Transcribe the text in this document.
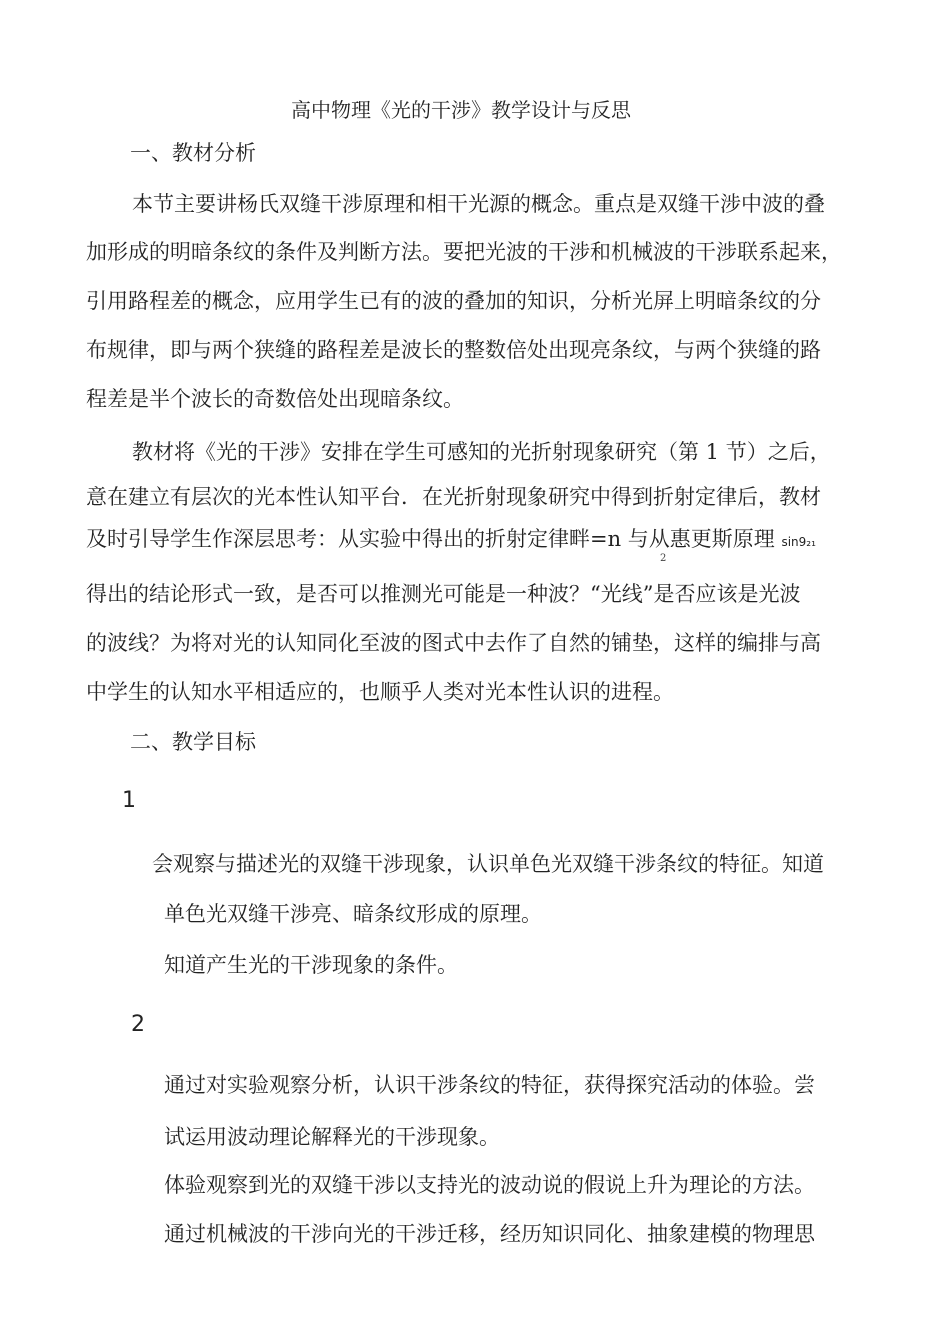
高中物理《光的干涉》教学设计与反思
一、教材分析
本节主要讲杨氏双缝干涉原理和相干光源的概念。重点是双缝干涉中波的叠
加形成的明暗条纹的条件及判断方法。要把光波的干涉和机械波的干涉联系起来，
引用路程差的概念，应用学生已有的波的叠加的知识，分析光屏上明暗条纹的分
布规律，即与两个狭缝的路程差是波长的整数倍处出现亮条纹，与两个狭缝的路
程差是半个波长的奇数倍处出现暗条纹。
教材将《光的干涉》安排在学生可感知的光折射现象研究（第 1 节）之后，
意在建立有层次的光本性认知平台．在光折射现象研究中得到折射定律后，教材
及时引导学生作深层思考：从实验中得出的折射定律畔=n 与从惠更斯原理 sin9₂₁
2
得出的结论形式一致，是否可以推测光可能是一种波？“光线”是否应该是光波
的波线？为将对光的认知同化至波的图式中去作了自然的铺垫，这样的编排与高
中学生的认知水平相适应的，也顺乎人类对光本性认识的进程。
二、教学目标
1
会观察与描述光的双缝干涉现象，认识单色光双缝干涉条纹的特征。知道
单色光双缝干涉亮、暗条纹形成的原理。
知道产生光的干涉现象的条件。
2
通过对实验观察分析，认识干涉条纹的特征，获得探究活动的体验。尝
试运用波动理论解释光的干涉现象。
体验观察到光的双缝干涉以支持光的波动说的假说上升为理论的方法。
通过机械波的干涉向光的干涉迁移，经历知识同化、抽象建模的物理思
